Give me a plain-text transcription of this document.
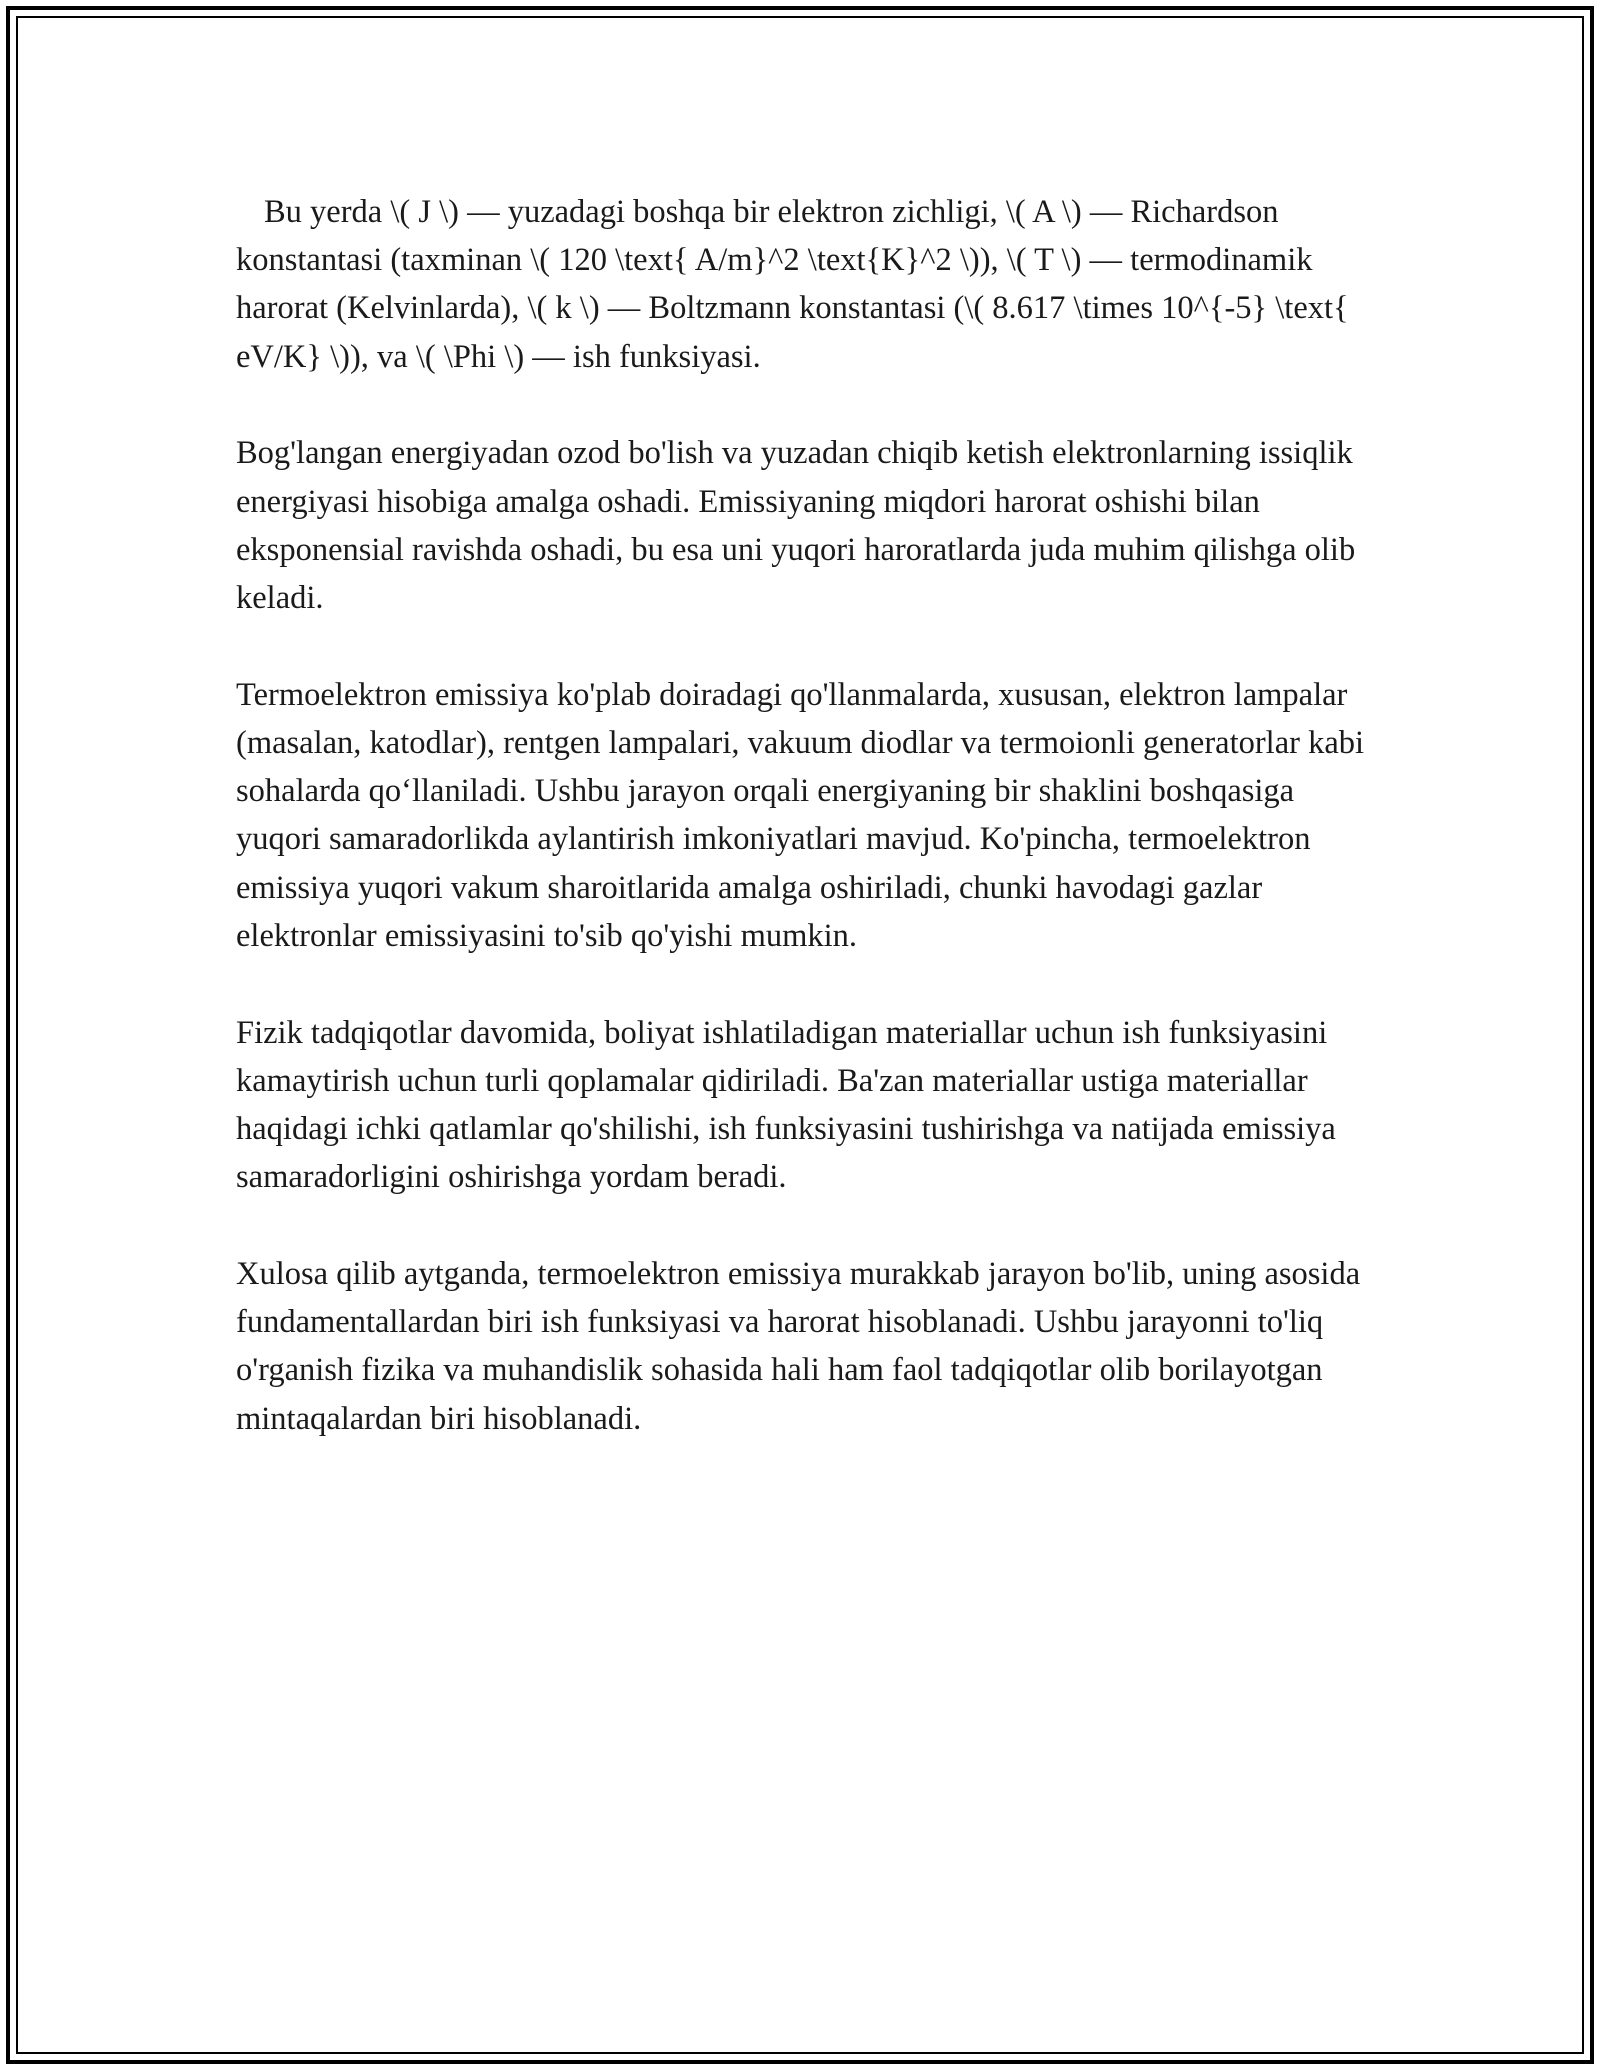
Bu yerda \( J \) — yuzadagi boshqa bir elektron zichligi, \( A \) — Richardson konstantasi (taxminan \( 120 \text{ A/m}^2 \text{K}^2 \)), \( T \) — termodinamik harorat (Kelvinlarda), \( k \) — Boltzmann konstantasi (\( 8.617 \times 10^{-5} \text{ eV/K} \)), va \( \Phi \) — ish funksiyasi.

Bog'langan energiyadan ozod bo'lish va yuzadan chiqib ketish elektronlarning issiqlik energiyasi hisobiga amalga oshadi. Emissiyaning miqdori harorat oshishi bilan eksponensial ravishda oshadi, bu esa uni yuqori haroratlarda juda muhim qilishga olib keladi.

Termoelektron emissiya ko'plab doiradagi qo'llanmalarda, xususan, elektron lampalar (masalan, katodlar), rentgen lampalari, vakuum diodlar va termoionli generatorlar kabi sohalarda qo‘llaniladi. Ushbu jarayon orqali energiyaning bir shaklini boshqasiga yuqori samaradorlikda aylantirish imkoniyatlari mavjud. Ko'pincha, termoelektron emissiya yuqori vakum sharoitlarida amalga oshiriladi, chunki havodagi gazlar elektronlar emissiyasini to'sib qo'yishi mumkin.

Fizik tadqiqotlar davomida, boliyat ishlatiladigan materiallar uchun ish funksiyasini kamaytirish uchun turli qoplamalar qidiriladi. Ba'zan materiallar ustiga materiallar haqidagi ichki qatlamlar qo'shilishi, ish funksiyasini tushirishga va natijada emissiya samaradorligini oshirishga yordam beradi.

Xulosa qilib aytganda, termoelektron emissiya murakkab jarayon bo'lib, uning asosida fundamentallardan biri ish funksiyasi va harorat hisoblanadi. Ushbu jarayonni to'liq o'rganish fizika va muhandislik sohasida hali ham faol tadqiqotlar olib borilayotgan mintaqalardan biri hisoblanadi.
